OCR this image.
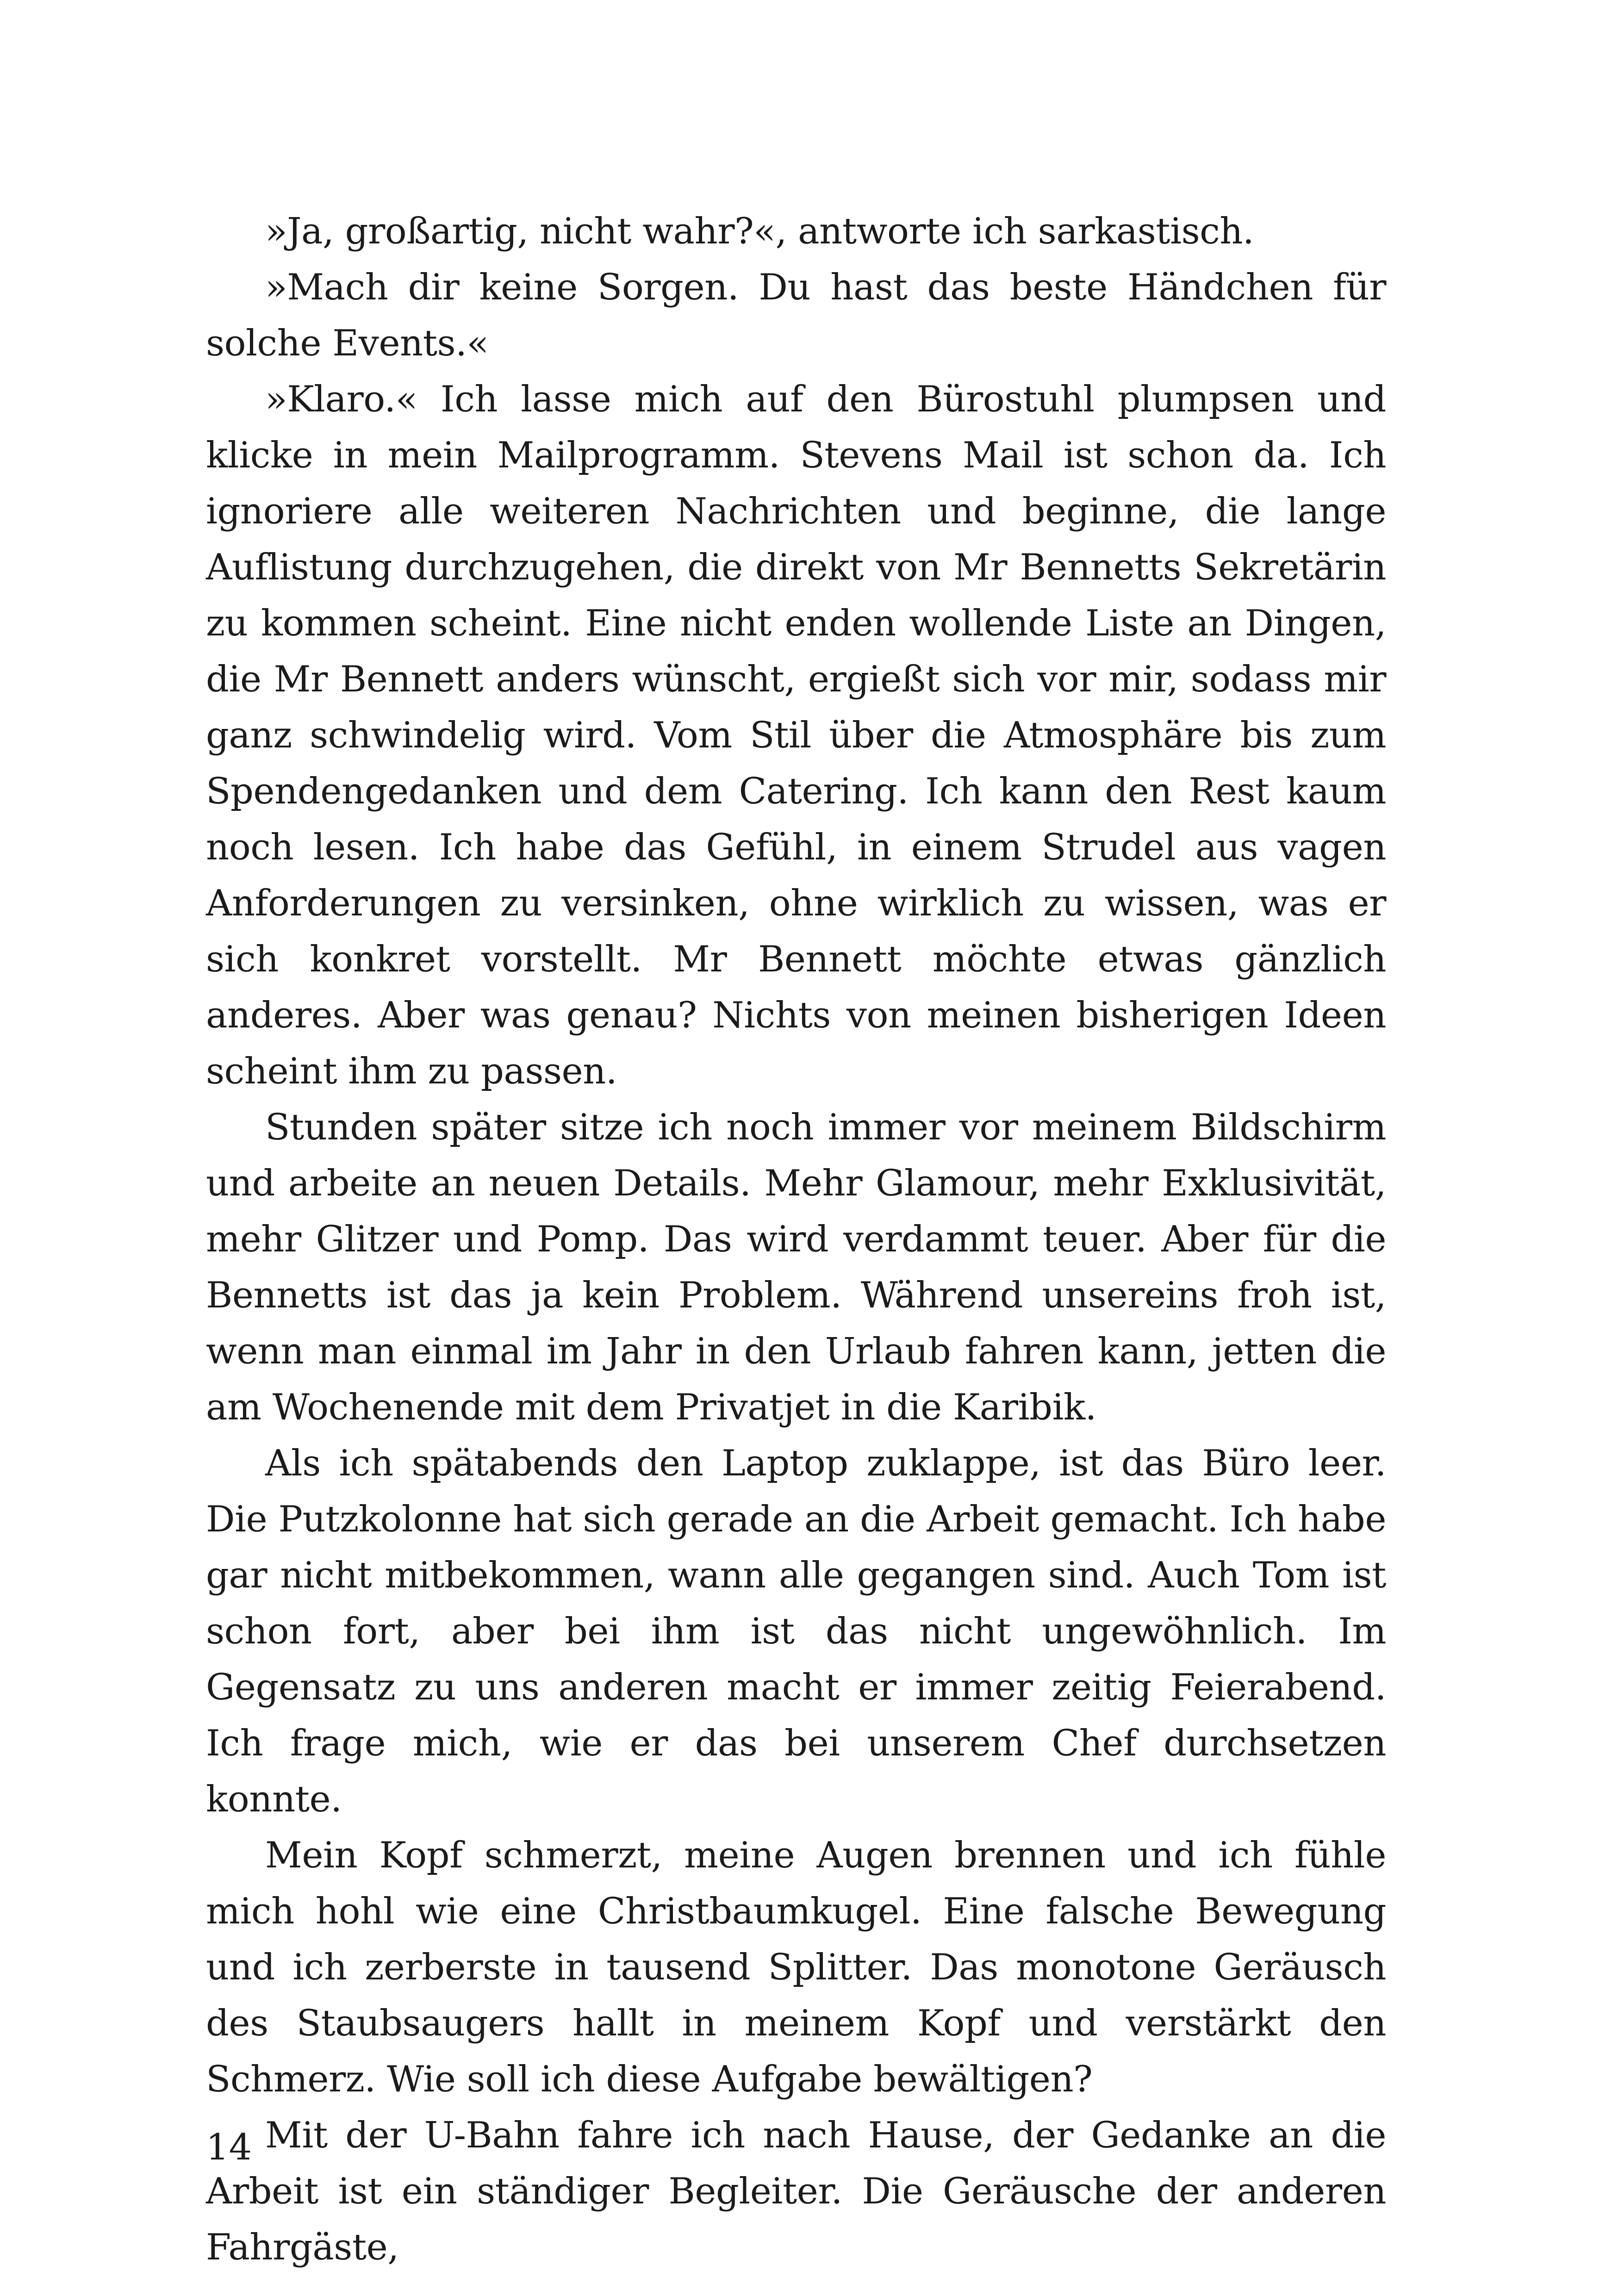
»Ja, großartig, nicht wahr?«, antworte ich sarkastisch.

»Mach dir keine Sorgen. Du hast das beste Händchen für solche Events.«

»Klaro.« Ich lasse mich auf den Bürostuhl plumpsen und klicke in mein Mailprogramm. Stevens Mail ist schon da. Ich ignoriere alle weiteren Nachrichten und beginne, die lange Auflistung durchzugehen, die direkt von Mr Bennetts Sekretärin zu kommen scheint. Eine nicht enden wollende Liste an Dingen, die Mr Bennett anders wünscht, ergießt sich vor mir, sodass mir ganz schwindelig wird. Vom Stil über die Atmosphäre bis zum Spendengedanken und dem Catering. Ich kann den Rest kaum noch lesen. Ich habe das Gefühl, in einem Strudel aus vagen Anforderungen zu versinken, ohne wirklich zu wissen, was er sich konkret vorstellt. Mr Bennett möchte etwas gänzlich anderes. Aber was genau? Nichts von meinen bisherigen Ideen scheint ihm zu passen.

Stunden später sitze ich noch immer vor meinem Bildschirm und arbeite an neuen Details. Mehr Glamour, mehr Exklusivität, mehr Glitzer und Pomp. Das wird verdammt teuer. Aber für die Bennetts ist das ja kein Problem. Während unsereins froh ist, wenn man einmal im Jahr in den Urlaub fahren kann, jetten die am Wochenende mit dem Privatjet in die Karibik.

Als ich spätabends den Laptop zuklappe, ist das Büro leer. Die Putzkolonne hat sich gerade an die Arbeit gemacht. Ich habe gar nicht mitbekommen, wann alle gegangen sind. Auch Tom ist schon fort, aber bei ihm ist das nicht ungewöhnlich. Im Gegensatz zu uns anderen macht er immer zeitig Feierabend. Ich frage mich, wie er das bei unserem Chef durchsetzen konnte.

Mein Kopf schmerzt, meine Augen brennen und ich fühle mich hohl wie eine Christbaumkugel. Eine falsche Bewegung und ich zerberste in tausend Splitter. Das monotone Geräusch des Staubsaugers hallt in meinem Kopf und verstärkt den Schmerz. Wie soll ich diese Aufgabe bewältigen?

Mit der U-Bahn fahre ich nach Hause, der Gedanke an die Arbeit ist ein ständiger Begleiter. Die Geräusche der anderen Fahrgäste,

14
